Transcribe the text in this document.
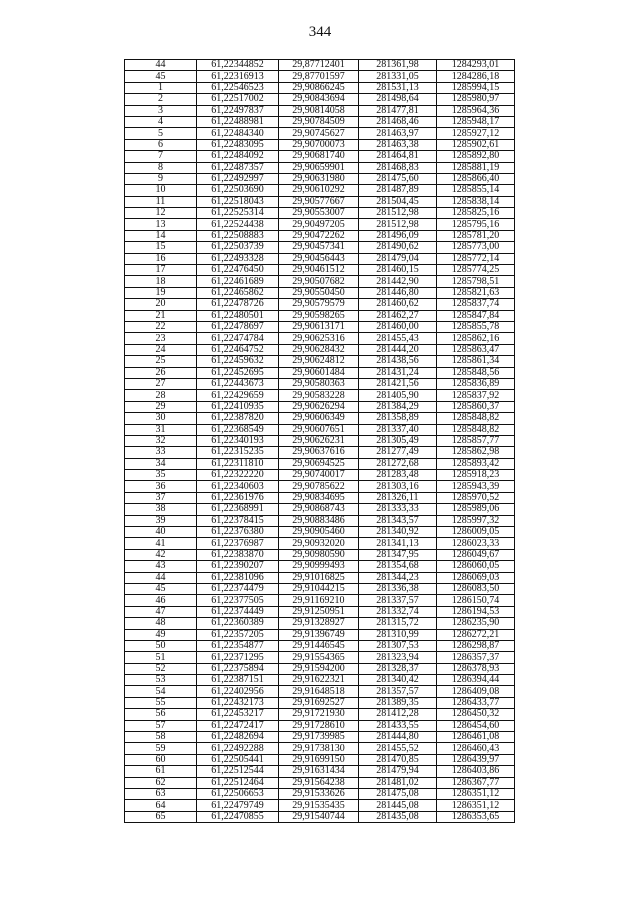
344
44	61,22344852	29,87712401	281361,98	1284293,01
45	61,22316913	29,87701597	281331,05	1284286,18
1	61,22546523	29,90866245	281531,13	1285994,15
2	61,22517002	29,90843694	281498,64	1285980,97
3	61,22497837	29,90814058	281477,81	1285964,36
4	61,22488981	29,90784509	281468,46	1285948,17
5	61,22484340	29,90745627	281463,97	1285927,12
6	61,22483095	29,90700073	281463,38	1285902,61
7	61,22484092	29,90681740	281464,81	1285892,80
8	61,22487357	29,90659901	281468,83	1285881,19
9	61,22492997	29,90631980	281475,60	1285866,40
10	61,22503690	29,90610292	281487,89	1285855,14
11	61,22518043	29,90577667	281504,45	1285838,14
12	61,22525314	29,90553007	281512,98	1285825,16
13	61,22524438	29,90497205	281512,98	1285795,16
14	61,22508883	29,90472262	281496,09	1285781,20
15	61,22503739	29,90457341	281490,62	1285773,00
16	61,22493328	29,90456443	281479,04	1285772,14
17	61,22476450	29,90461512	281460,15	1285774,25
18	61,22461689	29,90507682	281442,90	1285798,51
19	61,22465862	29,90550450	281446,80	1285821,63
20	61,22478726	29,90579579	281460,62	1285837,74
21	61,22480501	29,90598265	281462,27	1285847,84
22	61,22478697	29,90613171	281460,00	1285855,78
23	61,22474784	29,90625316	281455,43	1285862,16
24	61,22464752	29,90628432	281444,20	1285863,47
25	61,22459632	29,90624812	281438,56	1285861,34
26	61,22452695	29,90601484	281431,24	1285848,56
27	61,22443673	29,90580363	281421,56	1285836,89
28	61,22429659	29,90583228	281405,90	1285837,92
29	61,22410935	29,90626294	281384,29	1285860,37
30	61,22387820	29,90606349	281358,89	1285848,82
31	61,22368549	29,90607651	281337,40	1285848,82
32	61,22340193	29,90626231	281305,49	1285857,77
33	61,22315235	29,90637616	281277,49	1285862,98
34	61,22311810	29,90694525	281272,68	1285893,42
35	61,22322220	29,90740017	281283,48	1285918,23
36	61,22340603	29,90785622	281303,16	1285943,39
37	61,22361976	29,90834695	281326,11	1285970,52
38	61,22368991	29,90868743	281333,33	1285989,06
39	61,22378415	29,90883486	281343,57	1285997,32
40	61,22376380	29,90905460	281340,92	1286009,05
41	61,22376987	29,90932020	281341,13	1286023,33
42	61,22383870	29,90980590	281347,95	1286049,67
43	61,22390207	29,90999493	281354,68	1286060,05
44	61,22381096	29,91016825	281344,23	1286069,03
45	61,22374479	29,91044215	281336,38	1286083,50
46	61,22377505	29,91169210	281337,57	1286150,74
47	61,22374449	29,91250951	281332,74	1286194,53
48	61,22360389	29,91328927	281315,72	1286235,90
49	61,22357205	29,91396749	281310,99	1286272,21
50	61,22354877	29,91446545	281307,53	1286298,87
51	61,22371295	29,91554365	281323,94	1286357,37
52	61,22375894	29,91594200	281328,37	1286378,93
53	61,22387151	29,91622321	281340,42	1286394,44
54	61,22402956	29,91648518	281357,57	1286409,08
55	61,22432173	29,91692527	281389,35	1286433,77
56	61,22453217	29,91721930	281412,28	1286450,32
57	61,22472417	29,91728610	281433,55	1286454,60
58	61,22482694	29,91739985	281444,80	1286461,08
59	61,22492288	29,91738130	281455,52	1286460,43
60	61,22505441	29,91699150	281470,85	1286439,97
61	61,22512544	29,91631434	281479,94	1286403,86
62	61,22512464	29,91564238	281481,02	1286367,77
63	61,22506653	29,91533626	281475,08	1286351,12
64	61,22479749	29,91535435	281445,08	1286351,12
65	61,22470855	29,91540744	281435,08	1286353,65
